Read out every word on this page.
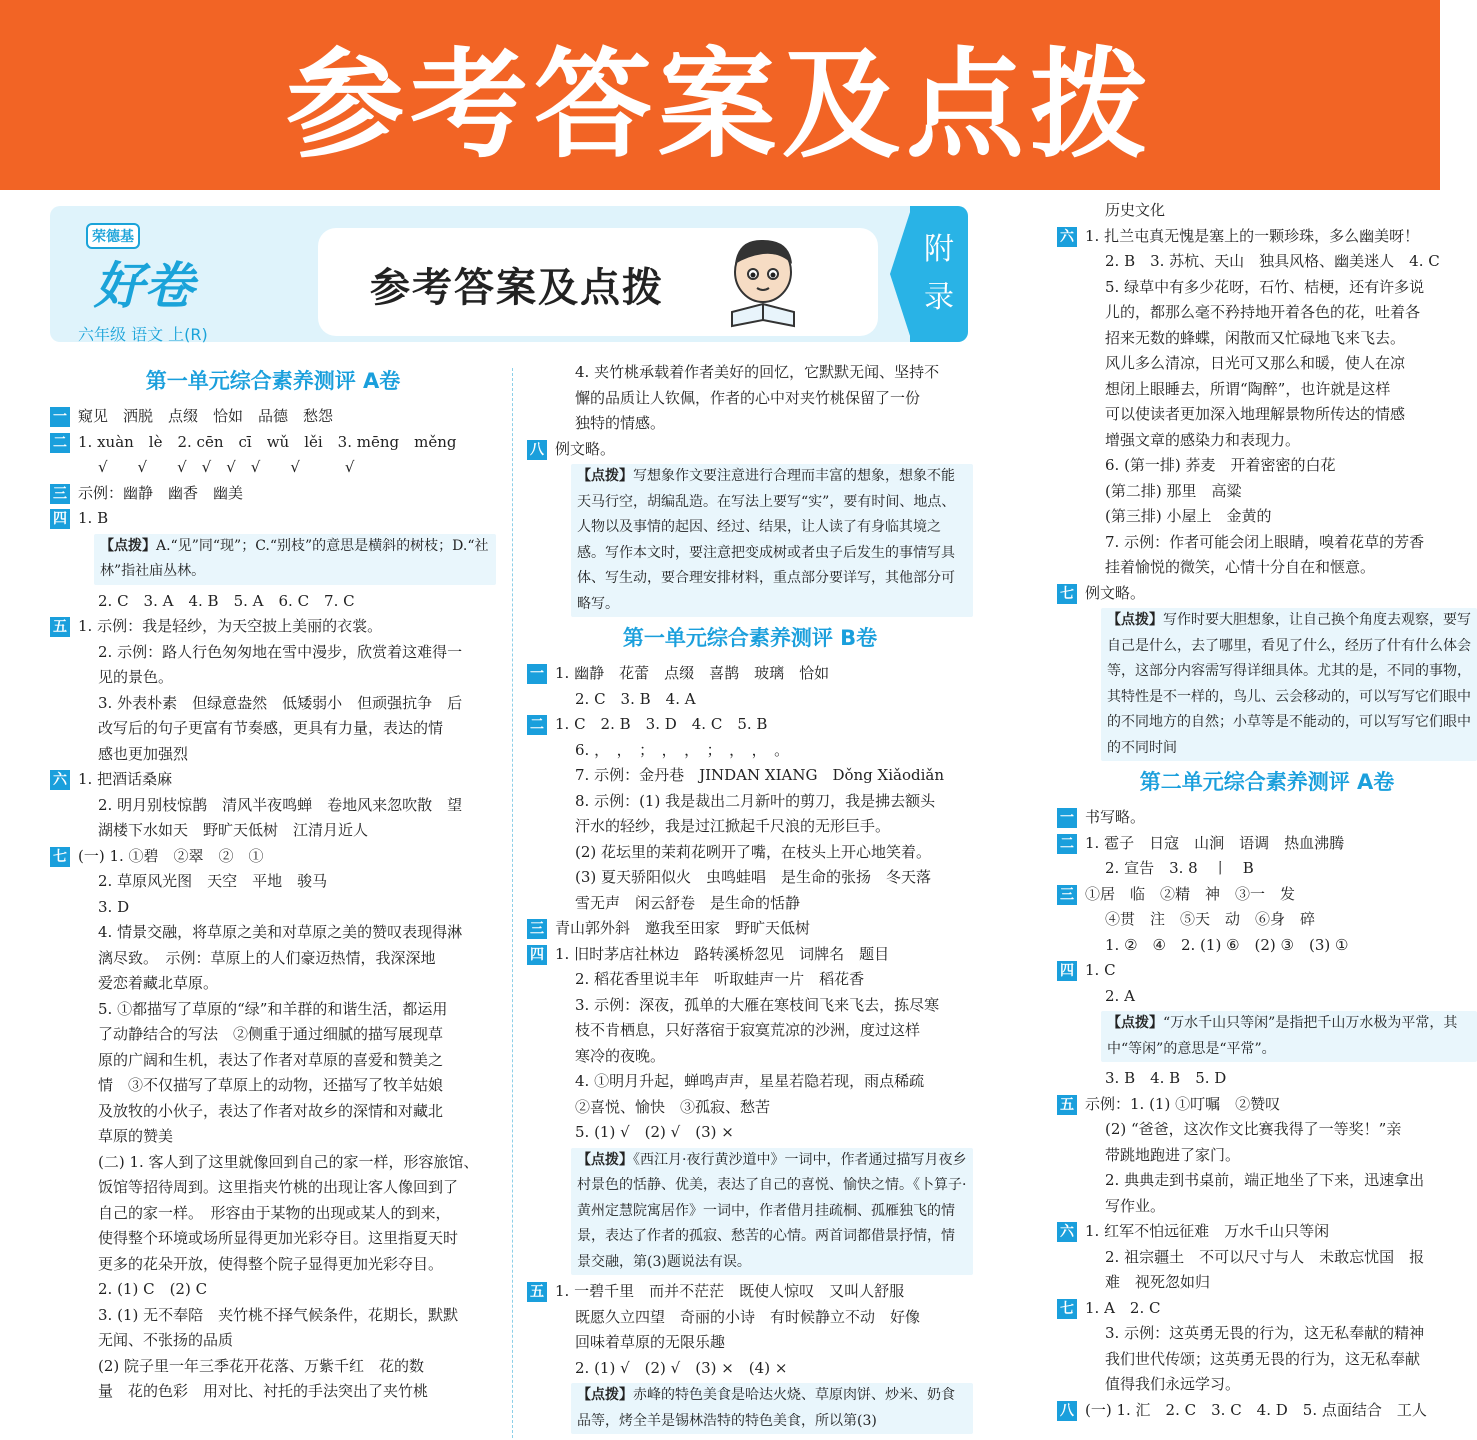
参考答案及点拨
荣德基
好卷
六年级 语文 上(R)
参考答案及点拨
附
录
第一单元综合素养测评 A卷
一 窥见　洒脱　点缀　恰如　品德　愁怨
二 1. xuàn　lè　2. cēn　cī　wǔ　lěi　3. mēng　měng
√　　√　　√　√　√　√　　√　　　√
三 示例：幽静　幽香　幽美
四 1. B
【点拨】A.“见”同“现”；C.“别枝”的意思是横斜的树枝；D.“社林”指社庙丛林。
2. C　3. A　4. B　5. A　6. C　7. C
五 1. 示例：我是轻纱，为天空披上美丽的衣裳。
2. 示例：路人行色匆匆地在雪中漫步，欣赏着这难得一
见的景色。
3. 外表朴素　但绿意盎然　低矮弱小　但顽强抗争　后
改写后的句子更富有节奏感，更具有力量，表达的情
感也更加强烈
六 1. 把酒话桑麻
2. 明月别枝惊鹊　清风半夜鸣蝉　卷地风来忽吹散　望
湖楼下水如天　野旷天低树　江清月近人
七 (一) 1. ①碧　②翠　②　①
2. 草原风光图　天空　平地　骏马
3. D
4. 情景交融，将草原之美和对草原之美的赞叹表现得淋
漓尽致。　示例：草原上的人们豪迈热情，我深深地
爱恋着藏北草原。
5. ①都描写了草原的“绿”和羊群的和谐生活，都运用
了动静结合的写法　②侧重于通过细腻的描写展现草
原的广阔和生机，表达了作者对草原的喜爱和赞美之
情　③不仅描写了草原上的动物，还描写了牧羊姑娘
及放牧的小伙子，表达了作者对故乡的深情和对藏北
草原的赞美
(二) 1. 客人到了这里就像回到自己的家一样，形容旅馆、
饭馆等招待周到。这里指夹竹桃的出现让客人像回到了
自己的家一样。　形容由于某物的出现或某人的到来，
使得整个环境或场所显得更加光彩夺目。这里指夏天时
更多的花朵开放，使得整个院子显得更加光彩夺目。
2. (1) C　(2) C
3. (1) 无不奉陪　夹竹桃不择气候条件，花期长，默默
无闻、不张扬的品质
(2) 院子里一年三季花开花落、万紫千红　花的数
量　花的色彩　用对比、衬托的手法突出了夹竹桃
4. 夹竹桃承载着作者美好的回忆，它默默无闻、坚持不
懈的品质让人钦佩，作者的心中对夹竹桃保留了一份
独特的情感。
八 例文略。
【点拨】写想象作文要注意进行合理而丰富的想象，想象不能天马行空，胡编乱造。在写法上要写“实”，要有时间、地点、人物以及事情的起因、经过、结果，让人读了有身临其境之感。写作本文时，要注意把变成树或者虫子后发生的事情写具体、写生动，要合理安排材料，重点部分要详写，其他部分可略写。
第一单元综合素养测评 B卷
一 1. 幽静　花蕾　点缀　喜鹊　玻璃　恰如
2. C　3. B　4. A
二 1. C　2. B　3. D　4. C　5. B
6. ，　，　；　，　，　；　，　，　。
7. 示例：金丹巷　JINDAN XIANG　Dǒng Xiǎodiǎn
8. 示例：(1) 我是裁出二月新叶的剪刀，我是拂去额头
汗水的轻纱，我是过江掀起千尺浪的无形巨手。
(2) 花坛里的茉莉花咧开了嘴，在枝头上开心地笑着。
(3) 夏天骄阳似火　虫鸣蛙唱　是生命的张扬　冬天落
雪无声　闲云舒卷　是生命的恬静
三 青山郭外斜　邀我至田家　野旷天低树
四 1. 旧时茅店社林边　路转溪桥忽见　词牌名　题目
2. 稻花香里说丰年　听取蛙声一片　稻花香
3. 示例：深夜，孤单的大雁在寒枝间飞来飞去，拣尽寒
枝不肯栖息，只好落宿于寂寞荒凉的沙洲，度过这样
寒冷的夜晚。
4. ①明月升起，蝉鸣声声，星星若隐若现，雨点稀疏
②喜悦、愉快　③孤寂、愁苦
5. (1) √　(2) √　(3) ×
【点拨】《西江月·夜行黄沙道中》一词中，作者通过描写月夜乡村景色的恬静、优美，表达了自己的喜悦、愉快之情。《卜算子·黄州定慧院寓居作》一词中，作者借月挂疏桐、孤雁独飞的情景，表达了作者的孤寂、愁苦的心情。两首词都借景抒情，情景交融，第(3)题说法有误。
五 1. 一碧千里　而并不茫茫　既使人惊叹　又叫人舒服
既愿久立四望　奇丽的小诗　有时候静立不动　好像
回味着草原的无限乐趣
2. (1) √　(2) √　(3) ×　(4) ×
【点拨】赤峰的特色美食是哈达火烧、草原肉饼、炒米、奶食品等，烤全羊是锡林浩特的特色美食，所以第(3)
历史文化
六 1. 扎兰屯真无愧是塞上的一颗珍珠，多么幽美呀！
2. B　3. 苏杭、天山　独具风格、幽美迷人　4. C
5. 绿草中有多少花呀，石竹、桔梗，还有许多说
儿的，都那么毫不矜持地开着各色的花，吐着各
招来无数的蜂蝶，闲散而又忙碌地飞来飞去。
风儿多么清凉，日光可又那么和暖，使人在凉
想闭上眼睡去，所谓“陶醉”，也许就是这样
可以使读者更加深入地理解景物所传达的情感
增强文章的感染力和表现力。
6. (第一排) 荞麦　开着密密的白花
(第二排) 那里　高粱
(第三排) 小屋上　金黄的
7. 示例：作者可能会闭上眼睛，嗅着花草的芳香
挂着愉悦的微笑，心情十分自在和惬意。
七 例文略。
【点拨】写作时要大胆想象，让自己换个角度去观察，要写自己是什么，去了哪里，看见了什么，经历了什有什么体会等，这部分内容需写得详细具体。尤其的是，不同的事物，其特性是不一样的，鸟儿、云会移动的，可以写写它们眼中的不同地方的自然；小草等是不能动的，可以写写它们眼中的不同时间
第二单元综合素养测评 A卷
一 书写略。
二 1. 雹子　日寇　山涧　语调　热血沸腾
2. 宣告　3. 8　丨　B
三 ①居　临　②精　神　③一　发
④贯　注　⑤天　动　⑥身　碎
1. ②　④　2. (1) ⑥　(2) ③　(3) ①
四 1. C
2. A
【点拨】“万水千山只等闲”是指把千山万水极为平常，其中“等闲”的意思是“平常”。
3. B　4. B　5. D
五 示例：1. (1) ①叮嘱　②赞叹
(2) “爸爸，这次作文比赛我得了一等奖！”亲
带跳地跑进了家门。
2. 典典走到书桌前，端正地坐了下来，迅速拿出
写作业。
六 1. 红军不怕远征难　万水千山只等闲
2. 祖宗疆土　不可以尺寸与人　未敢忘忧国　报
难　视死忽如归
七 1. A　2. C
3. 示例：这英勇无畏的行为，这无私奉献的精神
我们世代传颂；这英勇无畏的行为，这无私奉献
值得我们永远学习。
八 (一) 1. 汇　2. C　3. C　4. D　5. 点面结合　工人
